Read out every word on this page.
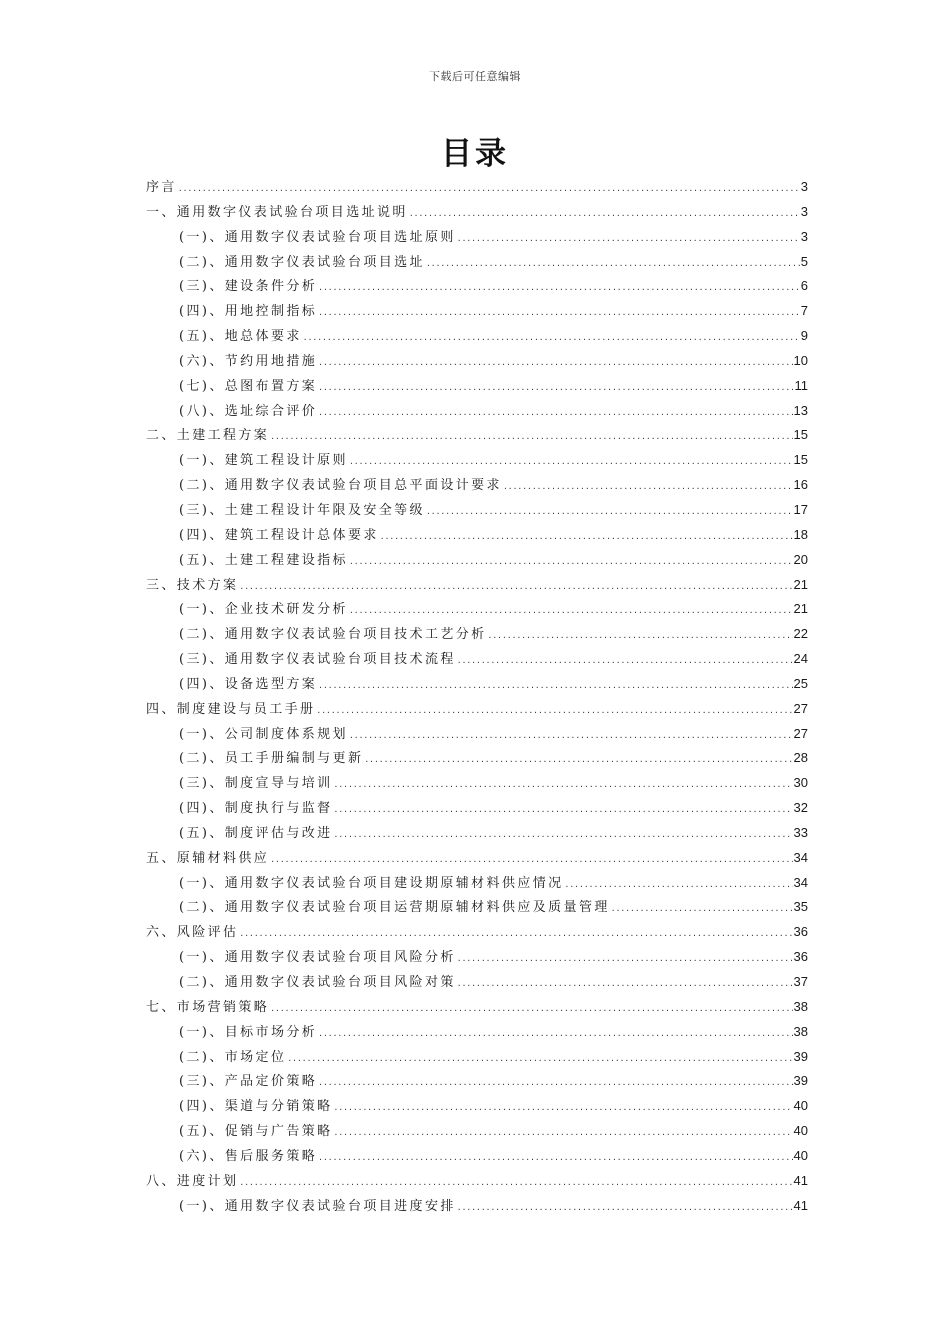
下载后可任意编辑
目录
序言 .....	3
一、通用数字仪表试验台项目选址说明 .....	3
(一)、通用数字仪表试验台项目选址原则 .....	3
(二)、通用数字仪表试验台项目选址 .....	5
(三)、建设条件分析 .....	6
(四)、用地控制指标 .....	7
(五)、地总体要求 .....	9
(六)、节约用地措施 .....	10
(七)、总图布置方案 .....	11
(八)、选址综合评价 .....	13
二、土建工程方案 .....	15
(一)、建筑工程设计原则 .....	15
(二)、通用数字仪表试验台项目总平面设计要求 .....	16
(三)、土建工程设计年限及安全等级 .....	17
(四)、建筑工程设计总体要求 .....	18
(五)、土建工程建设指标 .....	20
三、技术方案 .....	21
(一)、企业技术研发分析 .....	21
(二)、通用数字仪表试验台项目技术工艺分析 .....	22
(三)、通用数字仪表试验台项目技术流程 .....	24
(四)、设备选型方案 .....	25
四、制度建设与员工手册 .....	27
(一)、公司制度体系规划 .....	27
(二)、员工手册编制与更新 .....	28
(三)、制度宣导与培训 .....	30
(四)、制度执行与监督 .....	32
(五)、制度评估与改进 .....	33
五、原辅材料供应 .....	34
(一)、通用数字仪表试验台项目建设期原辅材料供应情况 .....	34
(二)、通用数字仪表试验台项目运营期原辅材料供应及质量管理 .....	35
六、风险评估 .....	36
(一)、通用数字仪表试验台项目风险分析 .....	36
(二)、通用数字仪表试验台项目风险对策 .....	37
七、市场营销策略 .....	38
(一)、目标市场分析 .....	38
(二)、市场定位 .....	39
(三)、产品定价策略 .....	39
(四)、渠道与分销策略 .....	40
(五)、促销与广告策略 .....	40
(六)、售后服务策略 .....	40
八、进度计划 .....	41
(一)、通用数字仪表试验台项目进度安排 .....	41
